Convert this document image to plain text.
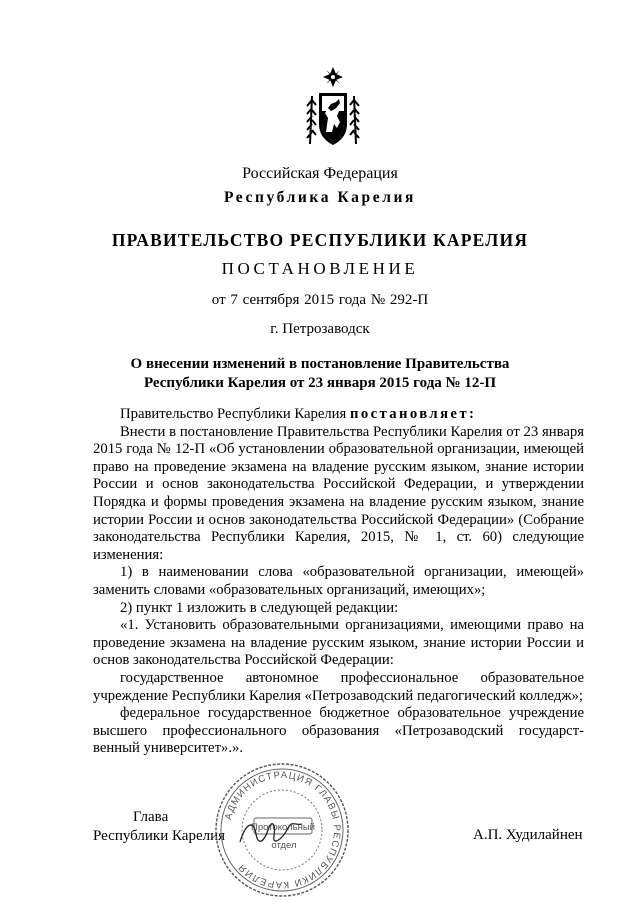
Российская Федерация
Республика Карелия
ПРАВИТЕЛЬСТВО РЕСПУБЛИКИ КАРЕЛИЯ
ПОСТАНОВЛЕНИЕ
от 7 сентября 2015 года № 292-П
г. Петрозаводск
О внесении изменений в постановление Правительства
Республики Карелия от 23 января 2015 года № 12-П

Правительство Республики Карелия постановляет:

Внести в постановление Правительства Республики Карелия от 23 января 2015 года № 12-П «Об установлении образовательной организации, имеющей право на проведение экзамена на владение русским языком, знание истории России и основ законодательства Российской Федерации, и утверждении Порядка и формы проведения экзамена на владение русским языком, знание истории России и основ законодательства Российской Федерации» (Собрание законодательства Республики Карелия, 2015, № 1, ст. 60) следующие изменения:

1) в наименовании слова «образовательной организации, имеющей» заменить словами «образовательных организаций, имеющих»;

2) пункт 1 изложить в следующей редакции:

«1. Установить образовательными организациями, имеющими право на проведение экзамена на владение русским языком, знание истории России и основ законодательства Российской Федерации:

государственное автономное профессиональное образовательное учреждение Республики Карелия «Петрозаводский педагогический колледж»;

федеральное государственное бюджетное образовательное учреждение высшего профессионального образования «Петрозаводский государст-венный университет».».

Глава
Республики Карелия
АДМИНИСТРАЦИЯ ГЛАВЫ РЕСПУБЛИКИ КАРЕЛИЯ
Протокольный
отдел
А.П. Худилайнен
